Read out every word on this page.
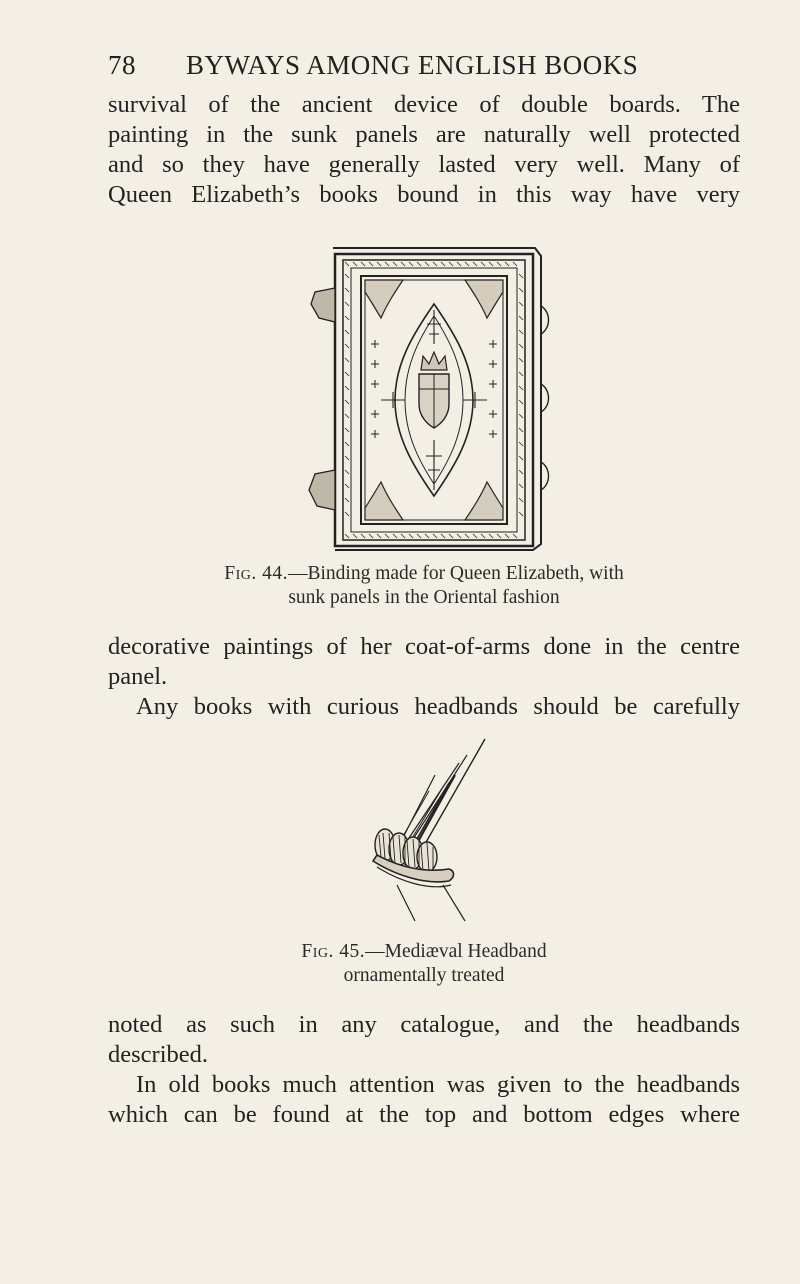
78 BYWAYS AMONG ENGLISH BOOKS
survival of the ancient device of double boards. The
painting in the sunk panels are naturally well protected
and so they have generally lasted very well. Many of
Queen Elizabeth’s books bound in this way have very
Fig. 44.—Binding made for Queen Elizabeth, with
sunk panels in the Oriental fashion
decorative paintings of her coat-of-arms done in the centre
panel.
Any books with curious headbands should be carefully
Fig. 45.—Mediæval Headband
ornamentally treated
noted as such in any catalogue, and the headbands
described.
In old books much attention was given to the headbands
which can be found at the top and bottom edges where
